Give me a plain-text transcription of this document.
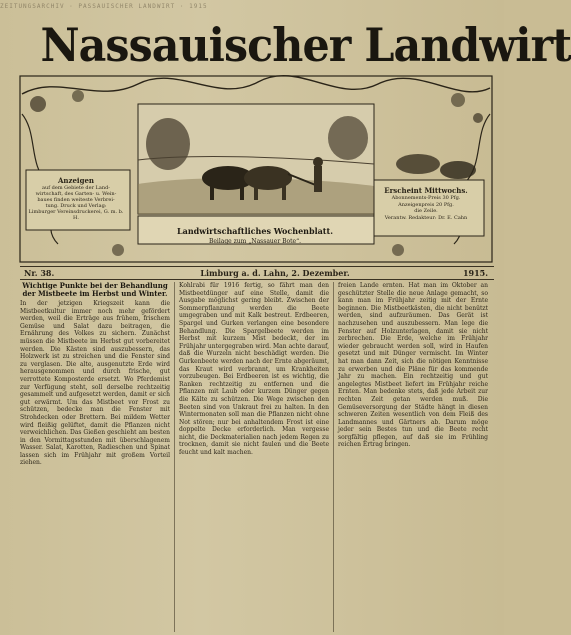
ZEITUNGSARCHIV · PASSAUISCHER LANDWIRT · 1915
Nassauischer Landwirt
Anzeigen
auf dem Gebiete der Land-
wirtschaft, des Garten- u. Wein-
baues finden weiteste Verbrei-
tung. Druck und Verlag:
Limburger Vereinsdruckerei, G. m. b. H.
Erscheint Mittwochs.
Abonnements-Preis 30 Pfg.
Anzeigenpreis 20 Pfg.
die Zeile.
Verantw. Redakteur: Dr. E. Cahn
Landwirtschaftliches Wochenblatt.
Beilage zum „Nassauer Bote“.
Nr. 38.	Limburg a. d. Lahn, 2. Dezember.	1915.
Wichtige Punkte bei der Behandlung der Mistbeete im Herbst und Winter.
In der jetzigen Kriegszeit kann die Mistbeetkultur immer noch mehr gefördert werden, weil die Erträge aus frühem, frischem Gemüse und Salat dazu beitragen, die Ernährung des Volkes zu sichern. Zunächst müssen die Mistbeete im Herbst gut vorbereitet werden. Die Kästen sind auszubessern, das Holzwerk ist zu streichen und die Fenster sind zu verglasen. Die alte, ausgenutzte Erde wird herausgenommen und durch frische, gut verrottete Komposterde ersetzt. Wo Pferdemist zur Verfügung steht, soll derselbe rechtzeitig gesammelt und aufgesetzt werden, damit er sich gut erwärmt. Um das Mistbeet vor Frost zu schützen, bedecke man die Fenster mit Strohdecken oder Brettern. Bei mildem Wetter wird fleißig gelüftet, damit die Pflanzen nicht verweichlichen. Das Gießen geschieht am besten in den Vormittagsstunden mit überschlagenem Wasser. Salat, Karotten, Radieschen und Spinat lassen sich im Frühjahr mit großem Vorteil ziehen.
Kohlrabi für 1916 fertig, so fährt man den Mistbeetdünger auf eine Stelle, damit die Ausgabe möglichst gering bleibt. Zwischen der Sommerpflanzung werden die Beete umgegraben und mit Kalk bestreut. Erdbeeren, Spargel und Gurken verlangen eine besondere Behandlung. Die Spargelbeete werden im Herbst mit kurzem Mist bedeckt, der im Frühjahr untergegraben wird. Man achte darauf, daß die Wurzeln nicht beschädigt werden. Die Gurkenbeete werden nach der Ernte abgeräumt, das Kraut wird verbrannt, um Krankheiten vorzubeugen. Bei Erdbeeren ist es wichtig, die Ranken rechtzeitig zu entfernen und die Pflanzen mit Laub oder kurzem Dünger gegen die Kälte zu schützen. Die Wege zwischen den Beeten sind von Unkraut frei zu halten. In den Wintermonaten soll man die Pflanzen nicht ohne Not stören; nur bei anhaltendem Frost ist eine doppelte Decke erforderlich. Man vergesse nicht, die Deckmaterialien nach jedem Regen zu trocknen, damit sie nicht faulen und die Beete feucht und kalt machen.
freien Lande ernten. Hat man im Oktober an geschützter Stelle die neue Anlage gemacht, so kann man im Frühjahr zeitig mit der Ernte beginnen. Die Mistbeetkästen, die nicht benützt werden, sind aufzuräumen. Das Gerät ist nachzusehen und auszubessern. Man lege die Fenster auf Holzunterlagen, damit sie nicht zerbrechen. Die Erde, welche im Frühjahr wieder gebraucht werden soll, wird in Haufen gesetzt und mit Dünger vermischt. Im Winter hat man dann Zeit, sich die nötigen Kenntnisse zu erwerben und die Pläne für das kommende Jahr zu machen. Ein rechtzeitig und gut angelegtes Mistbeet liefert im Frühjahr reiche Ernten. Man bedenke stets, daß jede Arbeit zur rechten Zeit getan werden muß. Die Gemüseversorgung der Städte hängt in diesen schweren Zeiten wesentlich von dem Fleiß des Landmannes und Gärtners ab. Darum möge jeder sein Bestes tun und die Beete recht sorgfältig pflegen, auf daß sie im Frühling reichen Ertrag bringen.
